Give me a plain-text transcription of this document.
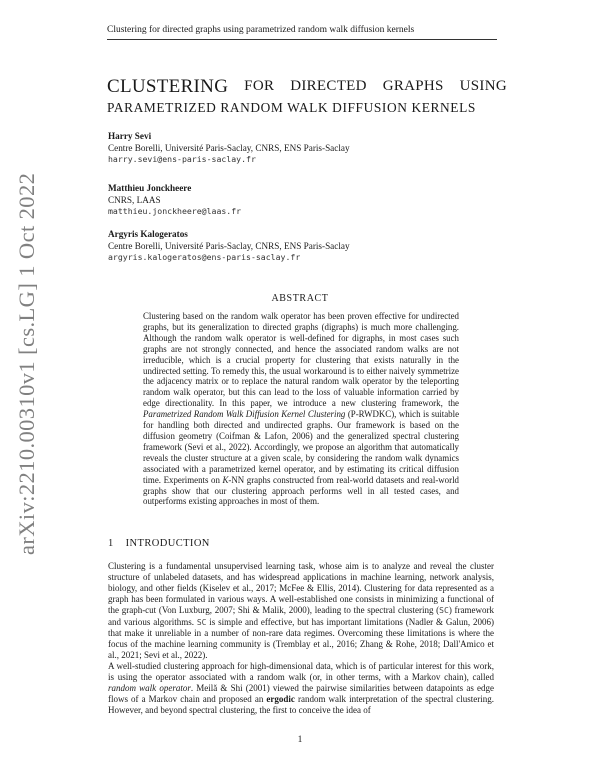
Clustering for directed graphs using parametrized random walk diffusion kernels
CLUSTERING FOR DIRECTED GRAPHS USING
PARAMETRIZED RANDOM WALK DIFFUSION KERNELS
Harry Sevi
Centre Borelli, Université Paris-Saclay, CNRS, ENS Paris-Saclay
harry.sevi@ens-paris-saclay.fr
Matthieu Jonckheere
CNRS, LAAS
matthieu.jonckheere@laas.fr
Argyris Kalogeratos
Centre Borelli, Université Paris-Saclay, CNRS, ENS Paris-Saclay
argyris.kalogeratos@ens-paris-saclay.fr
arXiv:2210.00310v1 [cs.LG] 1 Oct 2022	ABSTRACT
Clustering based on the random walk operator has been proven effective for undirected graphs, but its generalization to directed graphs (digraphs) is much more challenging. Although the random walk operator is well-defined for digraphs, in most cases such graphs are not strongly connected, and hence the associated random walks are not irreducible, which is a crucial property for clustering that exists naturally in the undirected setting. To remedy this, the usual workaround is to either naively symmetrize the adjacency matrix or to replace the natural random walk operator by the teleporting random walk operator, but this can lead to the loss of valuable information carried by edge directionality. In this paper, we introduce a new clustering framework, the Parametrized Random Walk Diffusion Kernel Clustering (P-RWDKC), which is suitable for handling both directed and undirected graphs. Our framework is based on the diffusion geometry (Coifman & Lafon, 2006) and the generalized spectral clustering framework (Sevi et al., 2022). Accordingly, we propose an algorithm that automatically reveals the cluster structure at a given scale, by considering the random walk dynamics associated with a parametrized kernel operator, and by estimating its critical diffusion time. Experiments on K-NN graphs constructed from real-world datasets and real-world graphs show that our clustering approach performs well in all tested cases, and outperforms existing approaches in most of them.
1 INTRODUCTION
Clustering is a fundamental unsupervised learning task, whose aim is to analyze and reveal the cluster structure of unlabeled datasets, and has widespread applications in machine learning, network analysis, biology, and other fields (Kiselev et al., 2017; McFee & Ellis, 2014). Clustering for data represented as a graph has been formulated in various ways. A well-established one consists in minimizing a functional of the graph-cut (Von Luxburg, 2007; Shi & Malik, 2000), leading to the spectral clustering (SC) framework and various algorithms. SC is simple and effective, but has important limitations (Nadler & Galun, 2006) that make it unreliable in a number of non-rare data regimes. Overcoming these limitations is where the focus of the machine learning community is (Tremblay et al., 2016; Zhang & Rohe, 2018; Dall'Amico et al., 2021; Sevi et al., 2022).
A well-studied clustering approach for high-dimensional data, which is of particular interest for this work, is using the operator associated with a random walk (or, in other terms, with a Markov chain), called random walk operator. Meilă & Shi (2001) viewed the pairwise similarities between datapoints as edge flows of a Markov chain and proposed an ergodic random walk interpretation of the spectral clustering. However, and beyond spectral clustering, the first to conceive the idea of
1
